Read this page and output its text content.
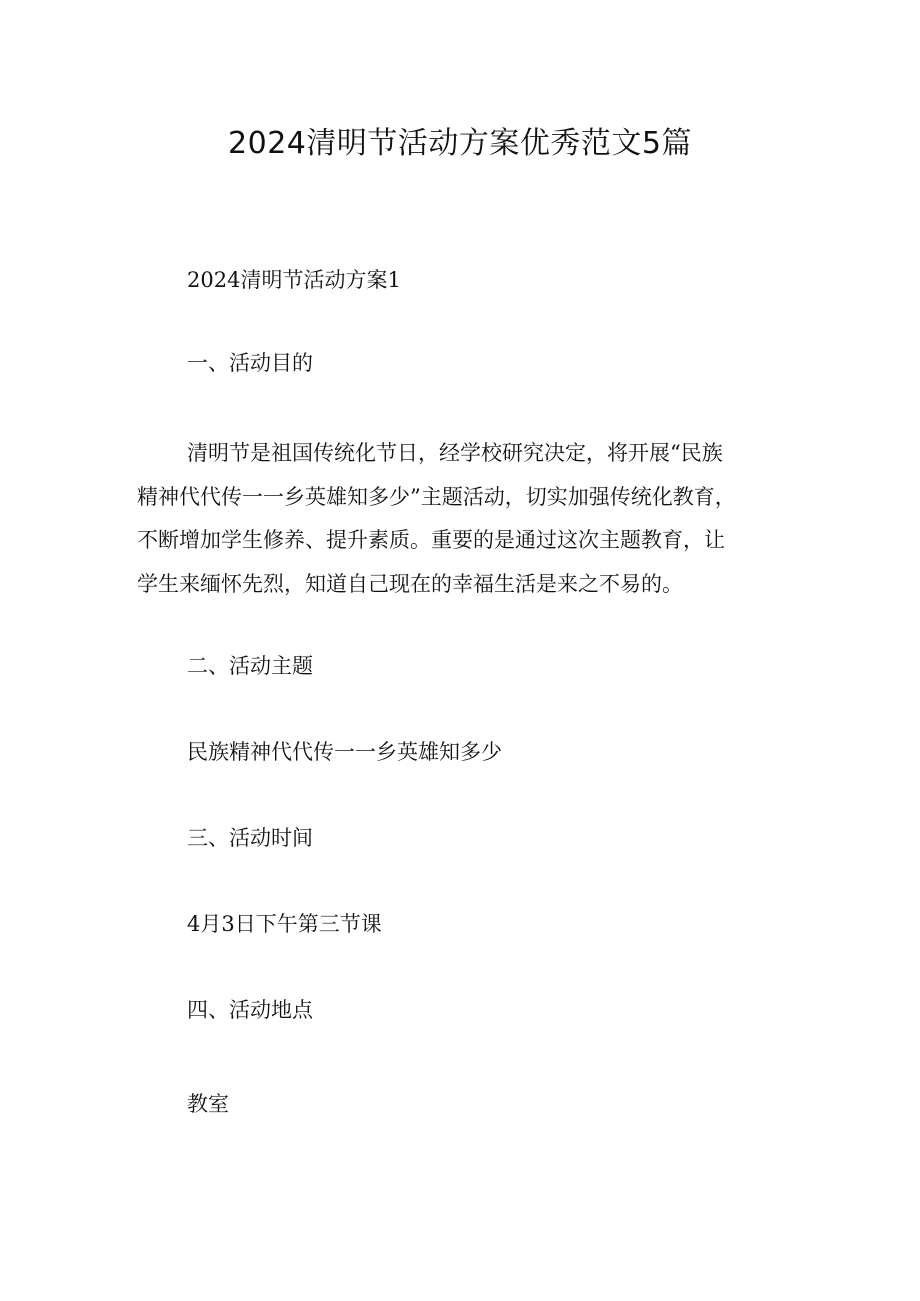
2024清明节活动方案优秀范文5篇

2024清明节活动方案1

一、活动目的

清明节是祖国传统化节日，经学校研究决定，将开展“民族
精神代代传一一乡英雄知多少”主题活动，切实加强传统化教育，
不断增加学生修养、提升素质。重要的是通过这次主题教育，让
学生来缅怀先烈，知道自己现在的幸福生活是来之不易的。

二、活动主题

民族精神代代传一一乡英雄知多少

三、活动时间

4月3日下午第三节课

四、活动地点

教室
